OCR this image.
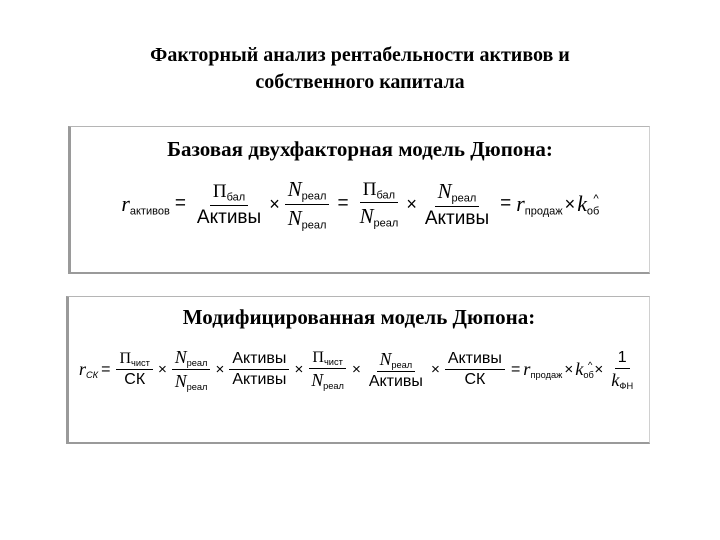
Факторный анализ рентабельности активов и
собственного капитала
Базовая двухфакторная модель Дюпона:
$r_{активов} = \frac{П_{бал}}{\text{Активы}} \times \frac{N_{реал}}{N_{реал}} = \frac{П_{бал}}{N_{реал}} \times \frac{N_{реал}}{\text{Активы}} = r_{продаж} \times k_{об}^{\^{}}$
Модифицированная модель Дюпона:
$r_{СК} = \frac{П_{чист}}{СК} \times \frac{N_{реал}}{N_{реал}} \times \frac{\text{Активы}}{\text{Активы}} \times \frac{П_{чист}}{N_{реал}} \times \frac{N_{реал}}{\text{Активы}} \times \frac{\text{Активы}}{СК} = r_{продаж} \times k_{об}^{\^{}} \times \frac{1}{k_{ФН}}$
